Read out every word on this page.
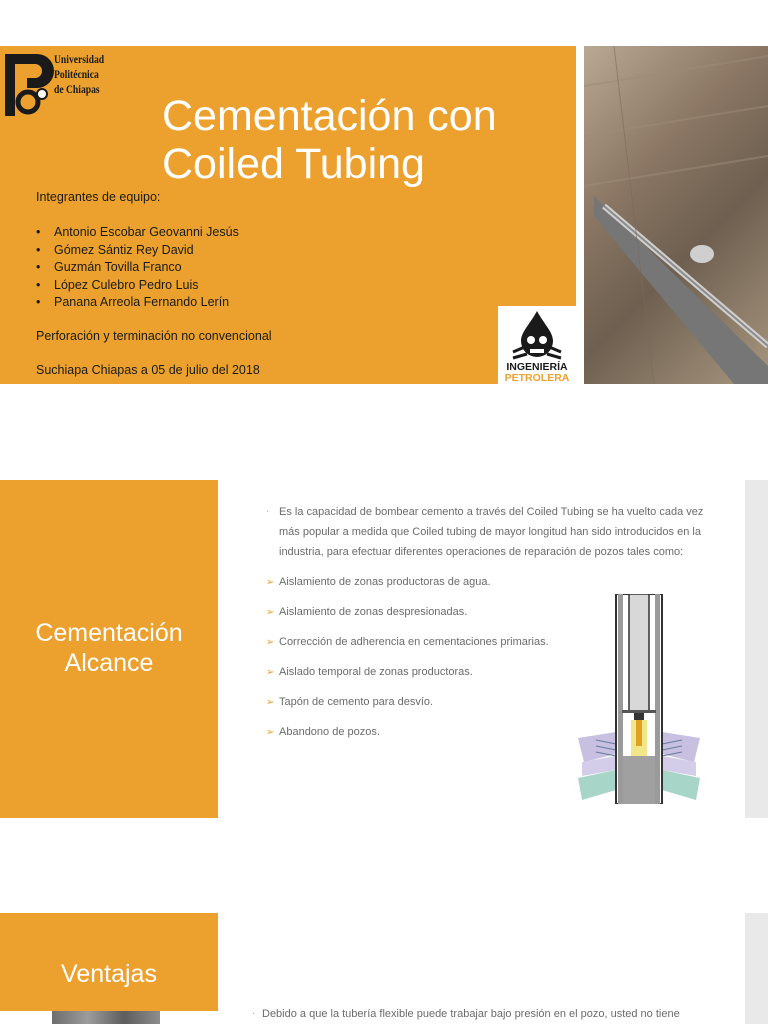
Universidad
Politécnica
de Chiapas
Cementación con
Coiled Tubing
Integrantes de equipo:
• Antonio Escobar Geovanni Jesús
• Gómez Sántiz Rey David
• Guzmán Tovilla Franco
• López Culebro Pedro Luis
• Panana Arreola Fernando Lerín
Perforación y terminación no convencional
Suchiapa Chiapas a 05 de julio del 2018	INGENIERÍA
PETROLERA
Cementación
Alcance
· Es la capacidad de bombear cemento a través del Coiled Tubing se ha vuelto cada vez más popular a medida que Coiled tubing de mayor longitud han sido introducidos en la industria, para efectuar diferentes operaciones de reparación de pozos tales como:
➢ Aislamiento de zonas productoras de agua.
➢ Aislamiento de zonas despresionadas.
➢ Corrección de adherencia en cementaciones primarias.
➢ Aislado temporal de zonas productoras.
➢ Tapón de cemento para desvío.
➢ Abandono de pozos.
Ventajas
· Debido a que la tubería flexible puede trabajar bajo presión en el pozo, usted no tiene
